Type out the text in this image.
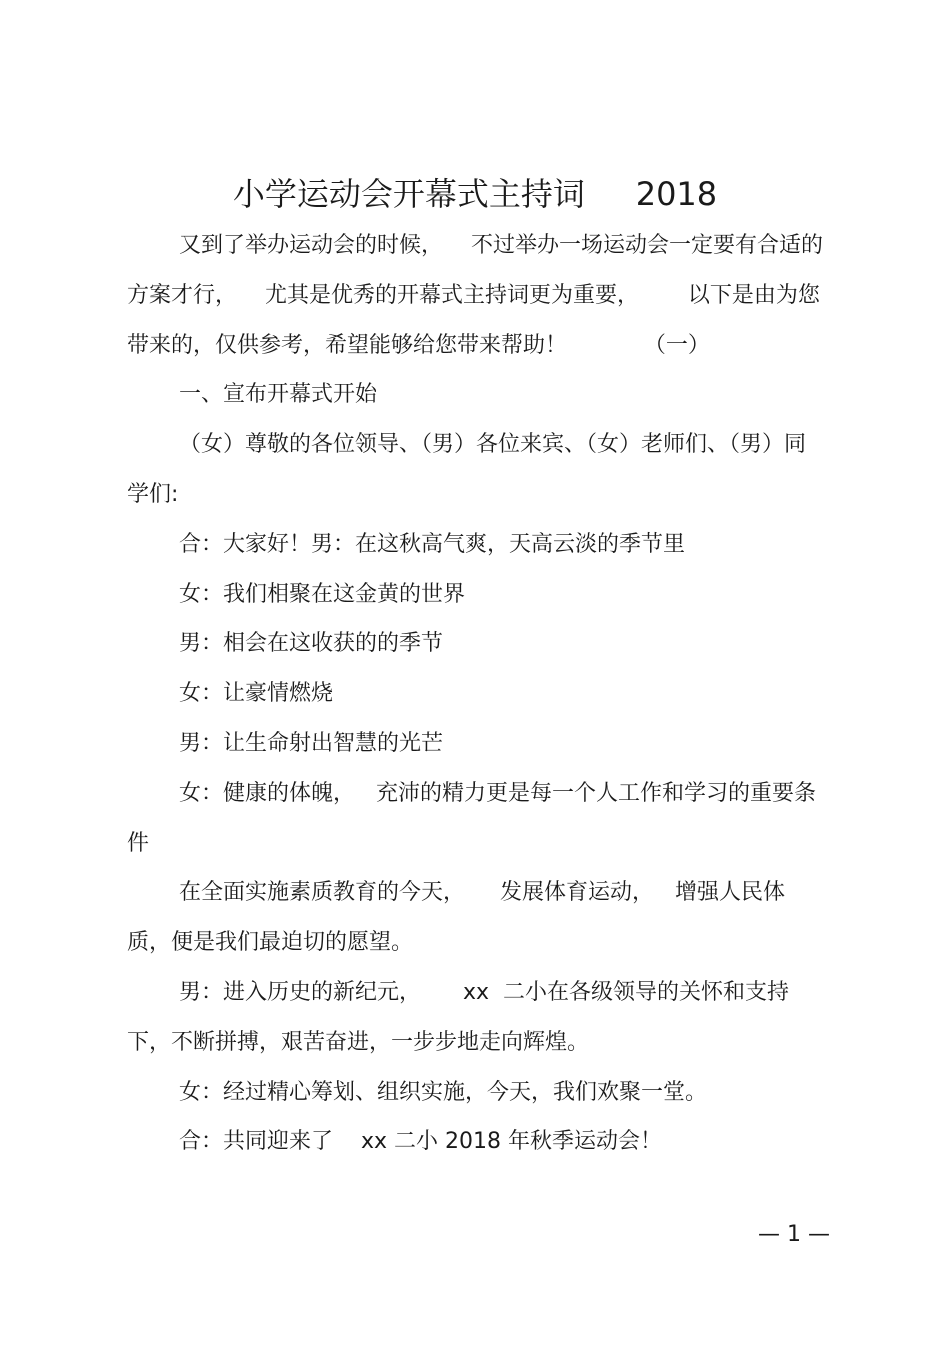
小学运动会开幕式主持词     2018

又到了举办运动会的时候，    不过举办一场运动会一定要有合适的方案才行，    尤其是优秀的开幕式主持词更为重要，       以下是由为您带来的，仅供参考，希望能够给您带来帮助！           （一）

一、宣布开幕式开始

（女）尊敬的各位领导、（男）各位来宾、（女）老师们、（男）同学们:

合：大家好！男：在这秋高气爽，天高云淡的季节里

女：我们相聚在这金黄的世界

男：相会在这收获的的季节

女：让豪情燃烧

男：让生命射出智慧的光芒

女：健康的体魄，   充沛的精力更是每一个人工作和学习的重要条件

在全面实施素质教育的今天，     发展体育运动，   增强人民体质，便是我们最迫切的愿望。

男：进入历史的新纪元，      xx  二小在各级领导的关怀和支持下，不断拼搏，艰苦奋进，一步步地走向辉煌。

女：经过精心筹划、组织实施，今天，我们欢聚一堂。

合：共同迎来了    xx 二小 2018 年秋季运动会！

— 1 —
